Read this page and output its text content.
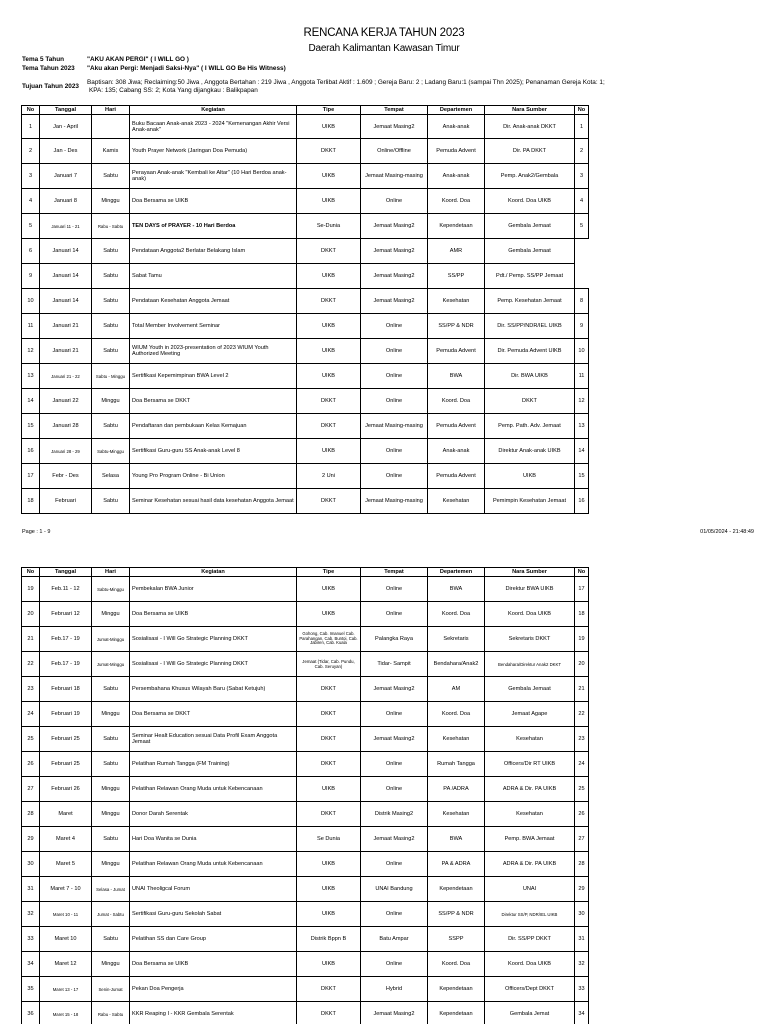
RENCANA KERJA TAHUN 2023
Daerah Kalimantan Kawasan Timur
Tema 5 Tahun	"AKU AKAN PERGI" ( I WILL GO )
Tema Tahun 2023 "Aku akan Pergi: Menjadi Saksi-Nya" ( I WILL GO Be His Witness)
Tujuan Tahun 2023
Baptisan: 308 Jiwa; Reclaiming:50 Jiwa , Anggota Bertahan : 219 Jiwa , Anggota Terlibat Aktif : 1.609 ; Gereja Baru: 2 ; Ladang Baru:1 (sampai Thn 2025); Penanaman Gereja Kota: 1;
KPA: 135; Cabang SS: 2; Kota Yang dijangkau : Balikpapan
No	Tanggal	Hari	Kegiatan	Tipe	Tempat	Departemen	Nara Sumber	No
1	Jan - April		Buku Bacaan Anak-anak 2023 - 2024 "Kemenangan Akhir Versi Anak-anak"	UIKB	Jemaat Masing2	Anak-anak	Dir. Anak-anak DKKT	1
2	Jan - Des	Kamis	Youth Prayer Network (Jaringan Doa Pemuda)	DKKT	Online/Offline	Pemuda Advent	Dir. PA DKKT	2
3	Januari 7	Sabtu	Perayaan Anak-anak "Kembali ke Altar" (10 Hari Berdoa anak-anak)	UIKB	Jemaat Masing-masing	Anak-anak	Pemp. Anak2/Gembala	3
4	Januari 8	Minggu	Doa Bersama se UIKB	UIKB	Online	Koord. Doa	Koord. Doa UIKB	4
5	Januari 11 - 21	Rabu - Sabtu	TEN DAYS of PRAYER - 10 Hari Berdoa	Se-Dunia	Jemaat Masing2	Kependetaan	Gembala Jemaat	5
6	Januari 14	Sabtu	Pendataan Anggota2 Berlatar Belakang Islam	DKKT	Jemaat Masing2	AMR	Gembala Jemaat	
9	Januari 14	Sabtu	Sabat Tamu	UIKB	Jemaat Masing2	SS/PP	Pdt./ Pemp. SS/PP Jemaat	
10	Januari 14	Sabtu	Pendataan Kesehatan Anggota Jemaat	DKKT	Jemaat Masing2	Kesehatan	Pemp. Kesehatan Jemaat	8
11	Januari 21	Sabtu	Total Member Involvement Seminar	UIKB	Online	SS/PP & NDR	Dir. SS/PP/NDR/IEL UIKB	9
12	Januari 21	Sabtu	WIUM Youth in 2023-presentation of 2023 WIUM Youth Authorized Meeting	UIKB	Online	Pemuda Advent	Dir. Pemuda Advent UIKB	10
13	Januari 21 - 22	Sabtu - Minggu	Sertifikasi Kepemimpinan BWA Level 2	UIKB	Online	BWA	Dir. BWA UIKB	11
14	Januari 22	Minggu	Doa Bersama se DKKT	DKKT	Online	Koord. Doa	DKKT	12
15	Januari 28	Sabtu	Pendaftaran dan pembukaan Kelas Kemajuan	DKKT	Jemaat Masing-masing	Pemuda Advent	Pemp. Path. Adv. Jemaat	13
16	Januari 28 - 29	Sabtu-Minggu	Sertifikasi Guru-guru SS Anak-anak Level 8	UIKB	Online	Anak-anak	Direktur Anak-anak UIKB	14
17	Febr - Des	Selasa	Young Pro Program Online - Bi Union	2 Uni	Online	Pemuda Advent	UIKB	15
18	Februari	Sabtu	Seminar Kesehatan sesuai hasil data kesehatan Anggota Jemaat	DKKT	Jemaat Masing-masing	Kesehatan	Pemimpin Kesehatan Jemaat	16
Page : 1 - 9	01/05/2024 - 21:48:49
No	Tanggal	Hari	Kegiatan	Tipe	Tempat	Departemen	Nara Sumber	No
19	Feb.11 - 12	Sabtu-Minggu	Pembekalan BWA Junior	UIKB	Online	BWA	Direktur BWA UIKB	17
20	Februari 12	Minggu	Doa Bersama se UIKB	UIKB	Online	Koord. Doa	Koord. Doa UIKB	18
21	Feb.17 - 19	Jumat-Minggu	Sosialisasi - I Will Go Strategic Planning DKKT	Gohong, Cab. Imanuel Cab. Parahangan, Cab. Buntoi, Cab. Jabiren, Cab. Kuala	Palangka Raya	Sekretaris	Sekretaris DKKT	19
22	Feb.17 - 19	Jumat-Minggu	Sosialisasi - I Will Go Strategic Planning DKKT	Jemaat (Tidar, Cab. Pundu, Cab. Seruyan)	Tidar- Sampit	Bendahara/Anak2	Bendahara/Direktur Anak2 DKKT	20
23	Februari 18	Sabtu	Persembahana Khusus Wilayah Baru (Sabat Ketujuh)	DKKT	Jemaat Masing2	AM	Gembala Jemaat	21
24	Februari 19	Minggu	Doa Bersama se DKKT	DKKT	Online	Koord. Doa	Jemaat Agape	22
25	Februari 25	Sabtu	Seminar Healt Education sesuai Data Profil Exam Anggota Jemaat	DKKT	Jemaat Masing2	Kesehatan	Kesehatan	23
26	Februari 25	Sabtu	Pelatihan Rumah Tangga (FM Training)	DKKT	Online	Rumah Tangga	Officers/Dir RT UIKB	24
27	Februari 26	Minggu	Pelatihan Relawan Orang Muda untuk Kebencanaan	UIKB	Online	PA /ADRA	ADRA & Dir. PA UIKB	25
28	Maret	Minggu	Donor Darah Serentak	DKKT	Distrik Masing2	Kesehatan	Kesehatan	26
29	Maret 4	Sabtu	Hari Doa Wanita se Dunia	Se Dunia	Jemaat Masing2	BWA	Pemp. BWA Jemaat	27
30	Maret 5	Minggu	Pelatihan Relawan Orang Muda untuk Kebencanaan	UIKB	Online	PA & ADRA	ADRA & Dir. PA UIKB	28
31	Maret 7 - 10	Selasa - Jumat	UNAI Theoligcal Forum	UIKB	UNAI Bandung	Kependetaan	UNAI	29
32	Maret 10 - 11	Jumat - Sabtu	Sertifikasi Guru-guru Sekolah Sabat	UIKB	Online	SS/PP & NDR	Direktur SS/P, NDR/IEL UIKB	30
33	Maret 10	Sabtu	Pelatihan SS dan Care Group	Distrik Bppn B	Batu Ampar	SSPP	Dir. SS/PP DKKT	31
34	Maret 12	Minggu	Doa Bersama se UIKB	UIKB	Online	Koord. Doa	Koord. Doa UIKB	32
35	Maret 13 - 17	Senin-Jumat	Pekan Doa Pengerja	DKKT	Hybrid	Kependetaan	Officers/Dept DKKT	33
36	Maret 15 - 18	Rabu - Sabtu	KKR Reaping I - KKR Gembala Serentak	DKKT	Jemaat Masing2	Kependetaan	Gembala Jemat	34
